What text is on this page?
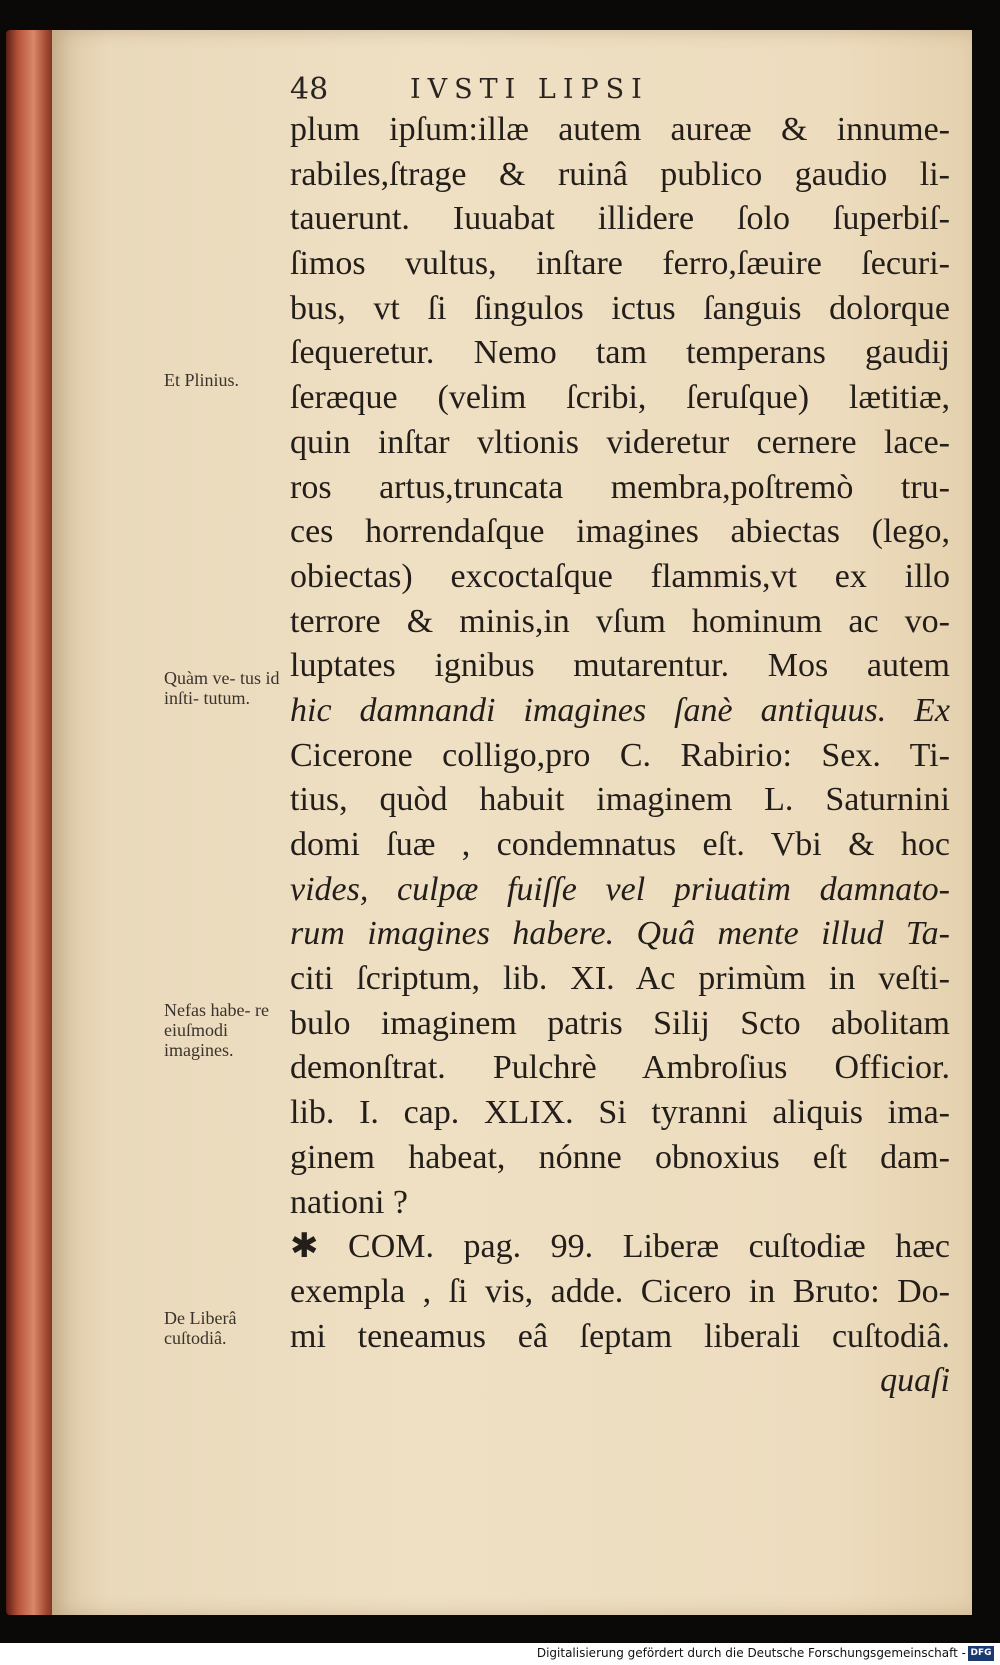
48	IVSTI LIPSI
plum ipſum:illæ autem aureæ & innume-
rabiles,ſtrage & ruinâ publico gaudio li-
tauerunt. Iuuabat illidere ſolo ſuperbiſ-
ſimos vultus, inſtare ferro,ſæuire ſecuri-
bus, vt ſi ſingulos ictus ſanguis dolorque
ſequeretur. Nemo tam temperans gaudij
ſeræque (velim ſcribi, ſeruſque) lætitiæ,
quin inſtar vltionis videretur cernere lace-
ros artus,truncata membra,poſtremò tru-
ces horrendaſque imagines abiectas (lego,
obiectas) excoctaſque flammis,vt ex illo
terrore & minis,in vſum hominum ac vo-
luptates ignibus mutarentur. Mos autem
hic damnandi imagines ſanè antiquus. Ex
Cicerone colligo,pro C. Rabirio: Sex. Ti-
tius, quòd habuit imaginem L. Saturnini
domi ſuæ , condemnatus eſt. Vbi & hoc
vides, culpæ fuiſſe vel priuatim damnato-
rum imagines habere. Quâ mente illud Ta-
citi ſcriptum, lib. XI. Ac primùm in veſti-
bulo imaginem patris Silij Scto abolitam
demonſtrat. Pulchrè Ambroſius Officior.
lib. I. cap. XLIX. Si tyranni aliquis ima-
ginem habeat, nónne obnoxius eſt dam-
nationi ?
✱ COM. pag. 99. Liberæ cuſtodiæ hæc
exempla , ſi vis, adde. Cicero in Bruto: Do-
mi teneamus eâ ſeptam liberali cuſtodiâ.
quaſi
Et Plinius.
Quàm ve- tus id inſti- tutum.
Nefas habe- re eiuſmodi imagines.
De Liberâ cuſtodiâ.
Digitalisierung gefördert durch die Deutsche Forschungsgemeinschaft - DFG
